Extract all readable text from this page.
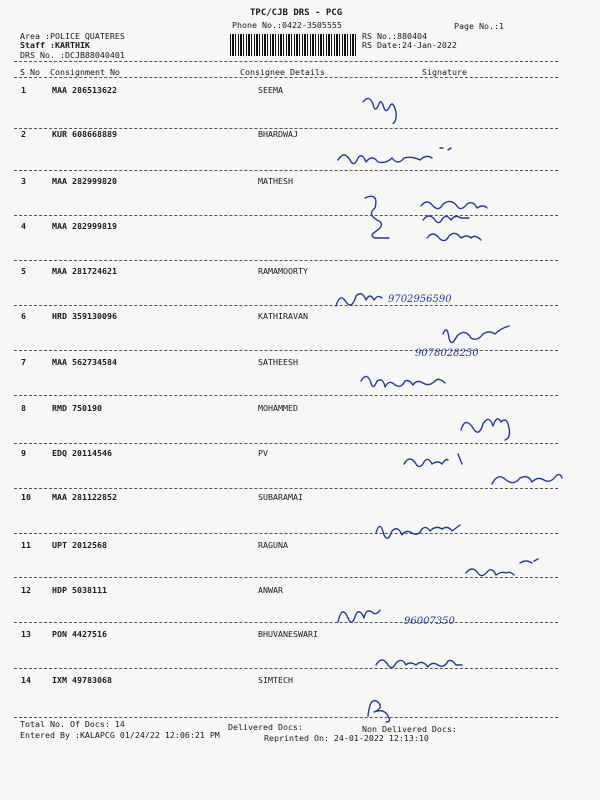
TPC/CJB DRS - PCG
Phone No.:0422-3505555	Page No.:1
Area :POLICE QUATERES
Staff :KARTHIK
DRS No. :DCJB88040401
RS No.:880404
RS Date:24-Jan-2022
S No Consignment No	Consignee Details	Signature
1	MAA 286513622	SEEMA
2	KUR 608668889	BHARDWAJ
3	MAA 282999820	MATHESH
4	MAA 282999819
5	MAA 281724621	RAMAMOORTY
6	HRD 359130096	KATHIRAVAN
7	MAA 562734584	SATHEESH
8	RMD 750190	MOHAMMED
9	EDQ 20114546	PV
10	MAA 281122852	SUBARAMAI
11	UPT 2012568	RAGUNA
12	HDP 5038111	ANWAR
13	PON 4427516	BHUVANESWARI
14	IXM 49783068	SIMTECH
9702956590
9078028250
96007350
Total No. Of Docs: 14	Delivered Docs:	Non Delivered Docs:
Entered By :KALAPCG 01/24/22 12:06:21 PM	Reprinted On: 24-01-2022 12:13:10
